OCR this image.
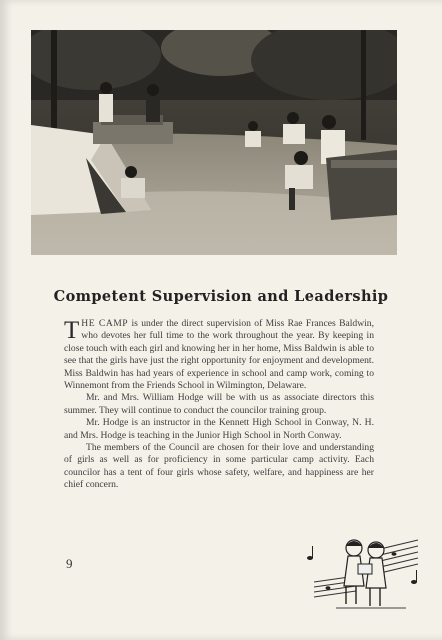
Competent Supervision and Leadership

THE CAMP is under the direct supervision of Miss Rae Frances Baldwin, who devotes her full time to the work throughout the year. By keeping in close touch with each girl and knowing her in her home, Miss Baldwin is able to see that the girls have just the right opportunity for enjoyment and development. Miss Baldwin has had years of experience in school and camp work, coming to Winnemont from the Friends School in Wilmington, Delaware.

Mr. and Mrs. William Hodge will be with us as associate directors this summer. They will continue to conduct the councilor training group.

Mr. Hodge is an instructor in the Kennett High School in Conway, N. H. and Mrs. Hodge is teaching in the Junior High School in North Conway.

The members of the Council are chosen for their love and understanding of girls as well as for proficiency in some particular camp activity. Each councilor has a tent of four girls whose safety, welfare, and happiness are her chief concern.

9
